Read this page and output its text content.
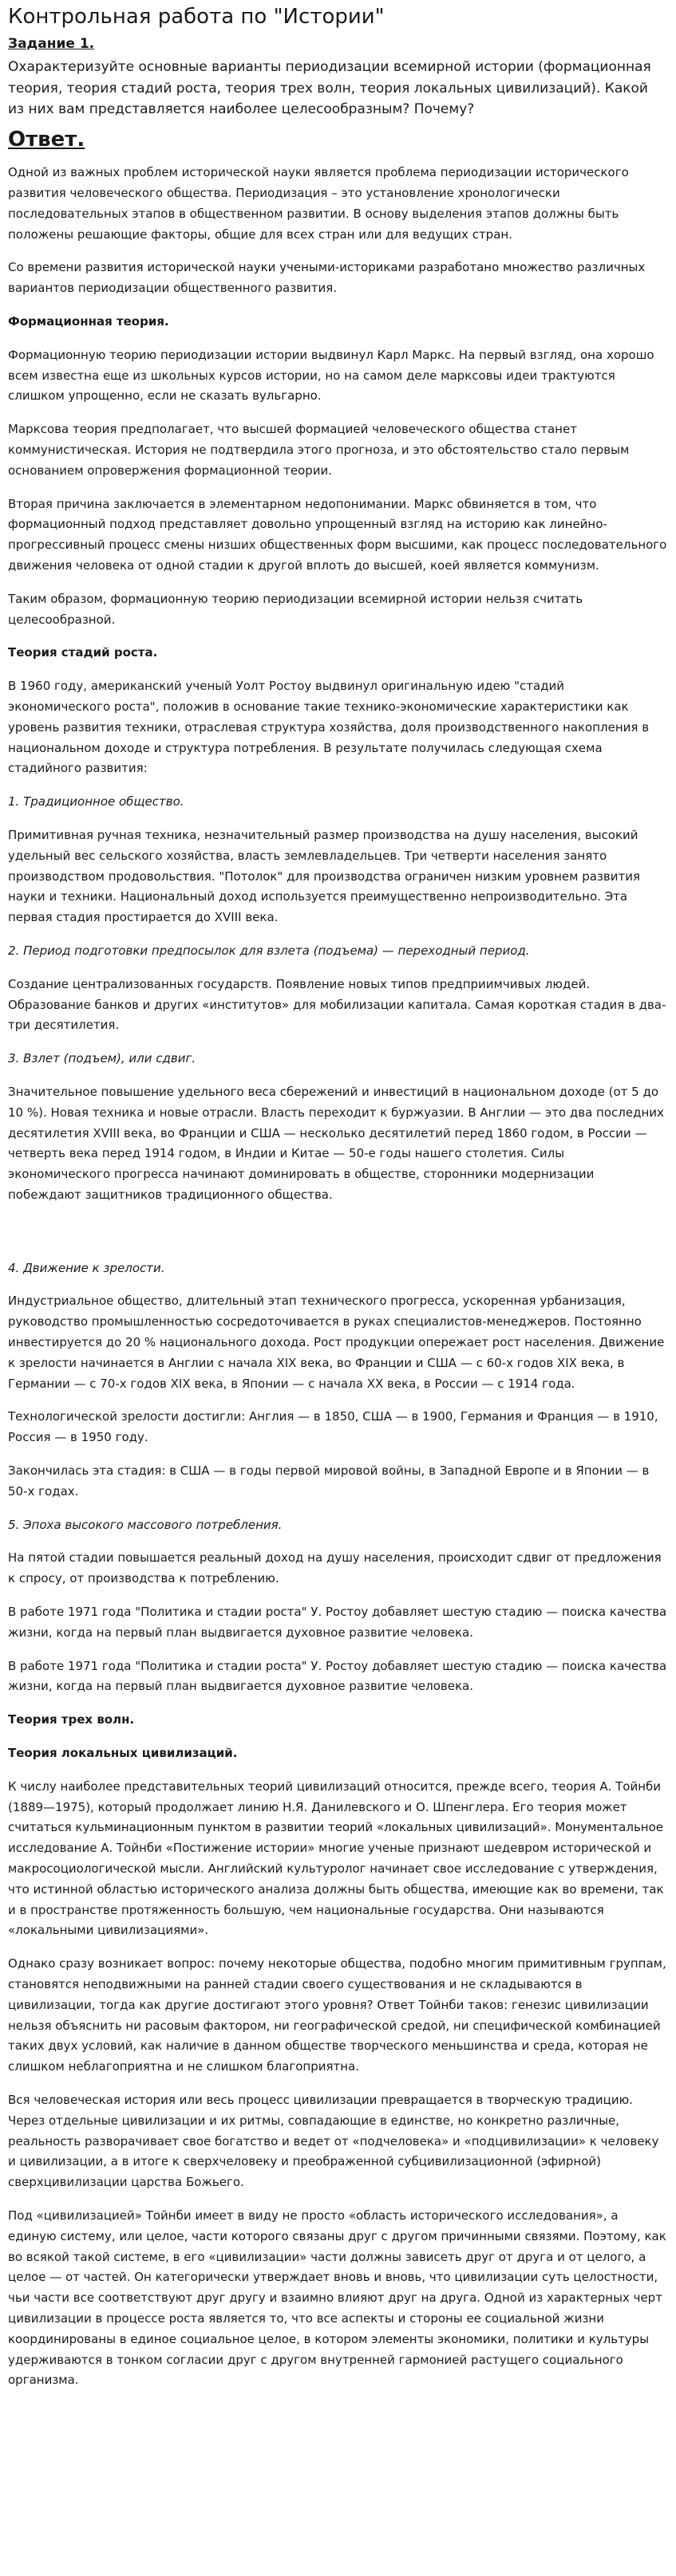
Контрольная работа по "Истории"
Задание 1.
Охарактеризуйте основные варианты периодизации всемирной истории (формационная теория, теория стадий роста, теория трех волн, теория локальных цивилизаций). Какой из них вам представляется наиболее целесообразным? Почему?
Ответ.

Одной из важных проблем исторической науки является проблема периодизации исторического развития человеческого общества. Периодизация – это установление хронологически последовательных этапов в общественном развитии. В основу выделения этапов должны быть положены решающие факторы, общие для всех стран или для ведущих стран.

Со времени развития исторической науки учеными-историками разработано множество различных вариантов периодизации общественного развития.

Формационная теория.

Формационную теорию периодизации истории выдвинул Карл Маркс. На первый взгляд, она хорошо всем известна еще из школьных курсов истории, но на самом деле марксовы идеи трактуются слишком упрощенно, если не сказать вульгарно.

Марксова теория предполагает, что высшей формацией человеческого общества станет коммунистическая. История не подтвердила этого прогноза, и это обстоятельство стало первым основанием опровержения формационной теории.

Вторая причина заключается в элементарном недопонимании. Маркс обвиняется в том, что формационный подход представляет довольно упрощенный взгляд на историю как линейно-прогрессивный процесс смены низших общественных форм высшими, как процесс последовательного движения человека от одной стадии к другой вплоть до высшей, коей является коммунизм.

Таким образом, формационную теорию периодизации всемирной истории нельзя считать целесообразной.

Теория стадий роста.

В 1960 году, американский ученый Уолт Ростоу выдвинул оригинальную идею "стадий экономического роста", положив в основание такие технико-экономические характеристики как уровень развития техники, отраслевая структура хозяйства, доля производственного накопления в национальном доходе и структура потребления. В результате получилась следующая схема стадийного развития:

1. Традиционное общество.

Примитивная ручная техника, незначительный размер производства на душу населения, высокий удельный вес сельского хозяйства, власть землевладельцев. Три четверти населения занято производством продовольствия. "Потолок" для производства ограничен низким уровнем развития науки и техники. Национальный доход используется преимущественно непроизводительно. Эта первая стадия простирается до XVIII века.

2. Период подготовки предпосылок для взлета (подъема) — переходный период.

Создание централизованных государств. Появление новых типов предприимчивых людей. Образование банков и других «институтов» для мобилизации капитала. Самая короткая стадия в два-три десятилетия.

3. Взлет (подъем), или сдвиг.

Значительное повышение удельного веса сбережений и инвестиций в национальном доходе (от 5 до 10 %). Новая техника и новые отрасли. Власть переходит к буржуазии. В Англии — это два последних десятилетия XVIII века, во Франции и США — несколько десятилетий перед 1860 годом, в России — четверть века перед 1914 годом, в Индии и Китае — 50-е годы нашего столетия. Силы экономического прогресса начинают доминировать в обществе, сторонники модернизации побеждают защитников традиционного общества.

4. Движение к зрелости.

Индустриальное общество, длительный этап технического прогресса, ускоренная урбанизация, руководство промышленностью сосредоточивается в руках специалистов-менеджеров. Постоянно инвестируется до 20 % национального дохода. Рост продукции опережает рост населения. Движение к зрелости начинается в Англии с начала XIX века, во Франции и США — с 60-х годов XIX века, в Германии — с 70-х годов XIX века, в Японии — с начала XX века, в России — с 1914 года.

Технологической зрелости достигли: Англия — в 1850, США — в 1900, Германия и Франция — в 1910, Россия — в 1950 году.

Закончилась эта стадия: в США — в годы первой мировой войны, в Западной Европе и в Японии — в 50-х годах.

5. Эпоха высокого массового потребления.

На пятой стадии повышается реальный доход на душу населения, происходит сдвиг от предложения к спросу, от производства к потреблению.

В работе 1971 года "Политика и стадии роста" У. Ростоу добавляет шестую стадию — поиска качества жизни, когда на первый план выдвигается духовное развитие человека.

В работе 1971 года "Политика и стадии роста" У. Ростоу добавляет шестую стадию — поиска качества жизни, когда на первый план выдвигается духовное развитие человека.

Теория трех волн.

Теория локальных цивилизаций.

К числу наиболее представительных теорий цивилизаций относится, прежде всего, теория А. Тойнби (1889—1975), который продолжает линию Н.Я. Данилевского и О. Шпенглера. Его теория может считаться кульминационным пунктом в развитии теорий «локальных цивилизаций». Монументальное исследование А. Тойнби «Постижение истории» многие ученые признают шедевром исторической и макросоциологической мысли. Английский культуролог начинает свое исследование с утверждения, что истинной областью исторического анализа должны быть общества, имеющие как во времени, так и в пространстве протяженность большую, чем национальные государства. Они называются «локальными цивилизациями».

Однако сразу возникает вопрос: почему некоторые общества, подобно многим примитивным группам, становятся неподвижными на ранней стадии своего существования и не складываются в цивилизации, тогда как другие достигают этого уровня? Ответ Тойнби таков: генезис цивилизации нельзя объяснить ни расовым фактором, ни географической средой, ни специфической комбинацией таких двух условий, как наличие в данном обществе творческого меньшинства и среда, которая не слишком неблагоприятна и не слишком благоприятна.

Вся человеческая история или весь процесс цивилизации превращается в творческую традицию. Через отдельные цивилизации и их ритмы, совпадающие в единстве, но конкретно различные, реальность разворачивает свое богатство и ведет от «подчеловека» и «подцивилизации» к человеку и цивилизации, а в итоге к сверхчеловеку и преображенной субцивилизационной (эфирной) сверхцивилизации царства Божьего.

Под «цивилизацией» Тойнби имеет в виду не просто «область исторического исследования», а единую систему, или целое, части которого связаны друг с другом причинными связями. Поэтому, как во всякой такой системе, в его «цивилизации» части должны зависеть друг от друга и от целого, а целое — от частей. Он категорически утверждает вновь и вновь, что цивилизации суть целостности, чьи части все соответствуют друг другу и взаимно влияют друг на друга. Одной из характерных черт цивилизации в процессе роста является то, что все аспекты и стороны ее социальной жизни координированы в единое социальное целое, в котором элементы экономики, политики и культуры удерживаются в тонком согласии друг с другом внутренней гармонией растущего социального организма.
